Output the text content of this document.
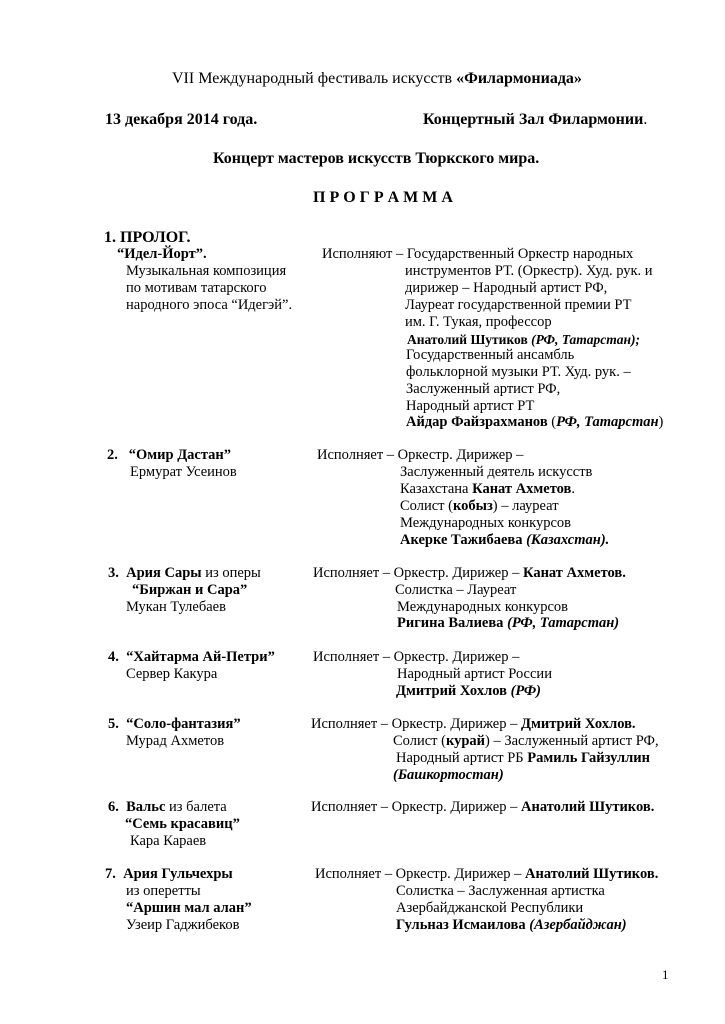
VII Международный фестиваль искусств «Филармониада»
13 декабря 2014 года.	Концертный Зал Филармонии.
Концерт мастеров искусств Тюркского мира.
П Р О Г Р А М М А
1. ПРОЛОГ.
“Идел-Йорт”.
Музыкальная композиция
по мотивам татарского
народного эпоса “Идегэй”.
Исполняют – Государственный Оркестр народных
инструментов РТ. (Оркестр). Худ. рук. и
дирижер – Народный артист РФ,
Лауреат государственной премии РТ
им. Г. Тукая, профессор
Анатолий Шутиков (РФ, Татарстан);
Государственный ансамбль
фольклорной музыки РТ. Худ. рук. –
Заслуженный артист РФ,
Народный артист РТ
Айдар Файзрахманов (РФ, Татарстан)
2. “Омир Дастан”
Ермурат Усеинов
Исполняет – Оркестр. Дирижер –
Заслуженный деятель искусств
Казахстана Канат Ахметов.
Солист (кобыз) – лауреат
Международных конкурсов
Акерке Тажибаева (Казахстан).
3. Ария Сары из оперы
“Биржан и Сара”
Мукан Тулебаев
Исполняет – Оркестр. Дирижер – Канат Ахметов.
Солистка – Лауреат
Международных конкурсов
Ригина Валиева (РФ, Татарстан)
4. “Хайтарма Ай-Петри”
Сервер Какура
Исполняет – Оркестр. Дирижер –
Народный артист России
Дмитрий Хохлов (РФ)
5. “Соло-фантазия”
Мурад Ахметов
Исполняет – Оркестр. Дирижер – Дмитрий Хохлов.
Солист (курай) – Заслуженный артист РФ,
Народный артист РБ Рамиль Гайзуллин
(Башкортостан)
6. Вальс из балета
“Семь красавиц”
Кара Караев
Исполняет – Оркестр. Дирижер – Анатолий Шутиков.
7. Ария Гульчехры
из оперетты
“Аршин мал алан”
Узеир Гаджибеков
Исполняет – Оркестр. Дирижер – Анатолий Шутиков.
Солистка – Заслуженная артистка
Азербайджанской Республики
Гульназ Исмаилова (Азербайджан)
1
